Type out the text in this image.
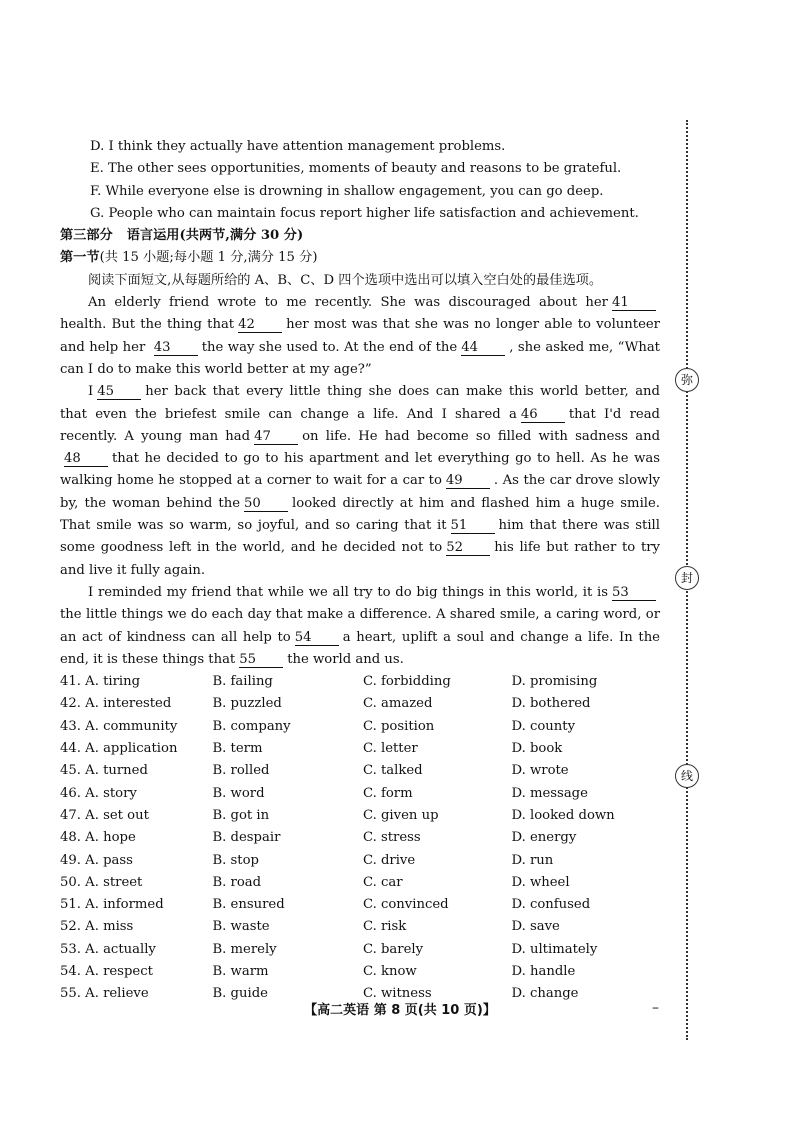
D. I think they actually have attention management problems.
E. The other sees opportunities, moments of beauty and reasons to be grateful.
F. While everyone else is drowning in shallow engagement, you can go deep.
G. People who can maintain focus report higher life satisfaction and achievement.
第三部分 语言运用(共两节,满分 30 分)
第一节(共 15 小题;每小题 1 分,满分 15 分)
阅读下面短文,从每题所给的 A、B、C、D 四个选项中选出可以填入空白处的最佳选项。
An elderly friend wrote to me recently. She was discouraged about her 41health. But the thing that 42 her most was that she was no longer able to volunteer and help her 43 the way she used to. At the end of the 44 , she asked me, “What can I do to make this world better at my age?”
I 45 her back that every little thing she does can make this world better, and that even the briefest smile can change a life. And I shared a 46 that I'd read recently. A young man had 47 on life. He had become so filled with sadness and48 that he decided to go to his apartment and let everything go to hell. As he was walking home he stopped at a corner to wait for a car to 49 . As the car drove slowly by, the woman behind the 50 looked directly at him and flashed him a huge smile. That smile was so warm, so joyful, and so caring that it 51 him that there was still some goodness left in the world, and he decided not to 52 his life but rather to try and live it fully again.
I reminded my friend that while we all try to do big things in this world, it is 53the little things we do each day that make a difference. A shared smile, a caring word, or an act of kindness can all help to 54 a heart, uplift a soul and change a life. In the end, it is these things that 55 the world and us.
41. A. tiring	B. failing	C. forbidding	D. promising
42. A. interested	B. puzzled	C. amazed	D. bothered
43. A. community	B. company	C. position	D. county
44. A. application	B. term	C. letter	D. book
45. A. turned	B. rolled	C. talked	D. wrote
46. A. story	B. word	C. form	D. message
47. A. set out	B. got in	C. given up	D. looked down
48. A. hope	B. despair	C. stress	D. energy
49. A. pass	B. stop	C. drive	D. run
50. A. street	B. road	C. car	D. wheel
51. A. informed	B. ensured	C. convinced	D. confused
52. A. miss	B. waste	C. risk	D. save
53. A. actually	B. merely	C. barely	D. ultimately
54. A. respect	B. warm	C. know	D. handle
55. A. relieve	B. guide	C. witness	D. change
【高二英语 第 8 页(共 10 页)】	–
弥
封
线
